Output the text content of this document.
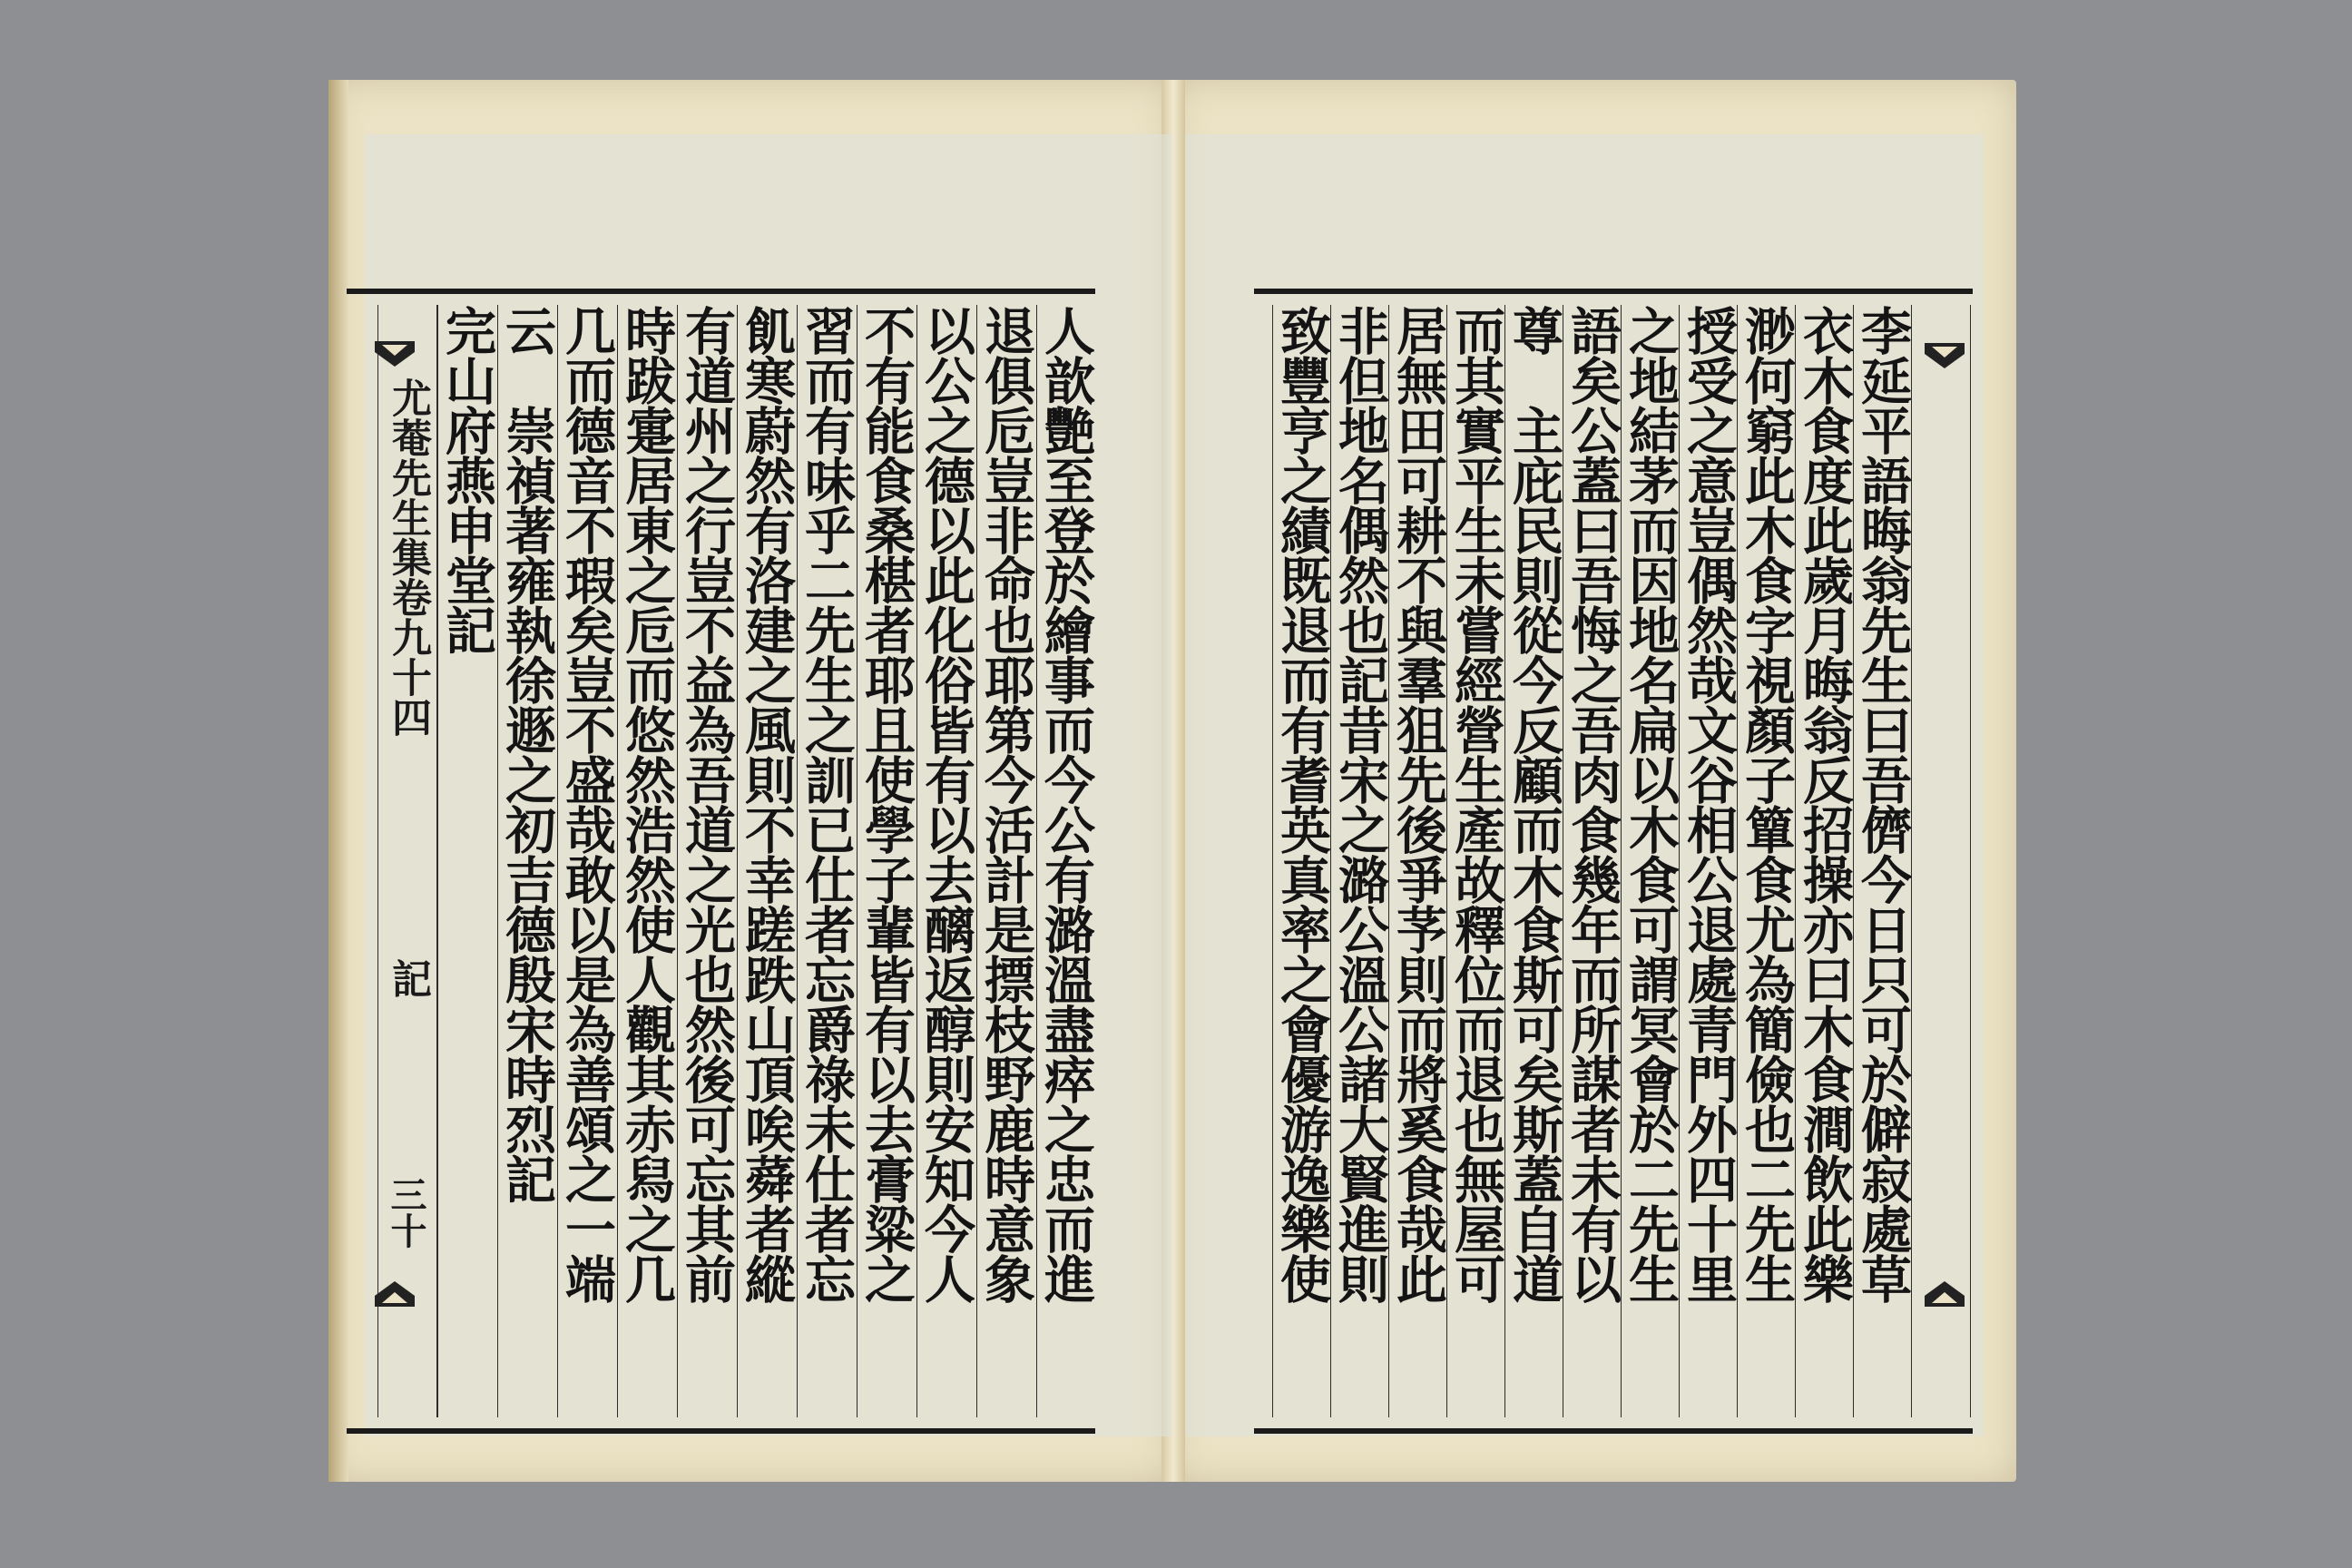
人歆艷至登於繪事而今公有潞溫盡瘁之忠而進
退俱卮豈非命也耶第今活計是摽枝野鹿時意象
以公之德以此化俗皆有以去醨返醇則安知今人
不有能食桑椹者耶且使學子輩皆有以去膏粱之
習而有味乎二先生之訓已仕者忘爵祿未仕者忘
飢寒蔚然有洛建之風則不幸蹉跌山頂唉蕣者縱
有道州之行豈不益為吾道之光也然後可忘其前
時跋疐居東之卮而悠然浩然使人觀其赤舄之几
几而德音不瑕矣豈不盛哉敢以是為善頌之一端
云　崇禎著雍執徐遯之初吉德殷宋時烈記
完山府燕申堂記
尤菴先生集卷九十四
記
三十	李延平語晦翁先生曰吾儕今日只可於僻寂處草
衣木食度此歲月晦翁反招操亦曰木食澗飲此樂
渺何窮此木食字視顏子簞食尤為簡儉也二先生
授受之意豈偶然哉文谷相公退處青門外四十里
之地結茅而因地名扁以木食可謂冥會於二先生
語矣公蓋曰吾悔之吾肉食幾年而所謀者未有以
尊　主庇民則從今反顧而木食斯可矣斯蓋自道
而其實平生未嘗經營生產故釋位而退也無屋可
居無田可耕不與羣狙先後爭芧則而將奚食哉此
非但地名偶然也記昔宋之潞公溫公諸大賢進則
致豐亨之績既退而有耆英真率之會優游逸樂使
